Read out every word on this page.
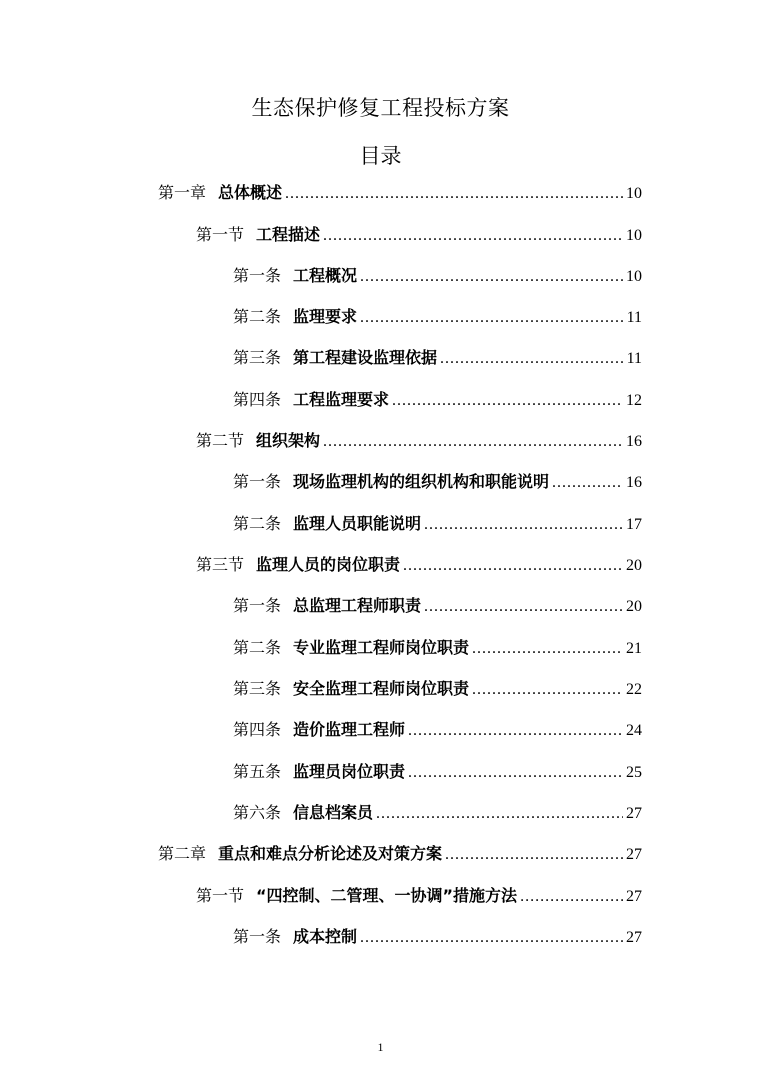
生态保护修复工程投标方案
目录
第一章 总体概述 .....	10
第一节 工程描述 .....	10
第一条 工程概况 .....	10
第二条 监理要求 .....	11
第三条 第工程建设监理依据 .....	11
第四条 工程监理要求 .....	12
第二节 组织架构 .....	16
第一条 现场监理机构的组织机构和职能说明 .....	16
第二条 监理人员职能说明 .....	17
第三节 监理人员的岗位职责 .....	20
第一条 总监理工程师职责 .....	20
第二条 专业监理工程师岗位职责 .....	21
第三条 安全监理工程师岗位职责 .....	22
第四条 造价监理工程师 .....	24
第五条 监理员岗位职责 .....	25
第六条 信息档案员 .....	27
第二章 重点和难点分析论述及对策方案 .....	27
第一节 “四控制、二管理、一协调”措施方法 .....	27
第一条 成本控制 .....	27
1
